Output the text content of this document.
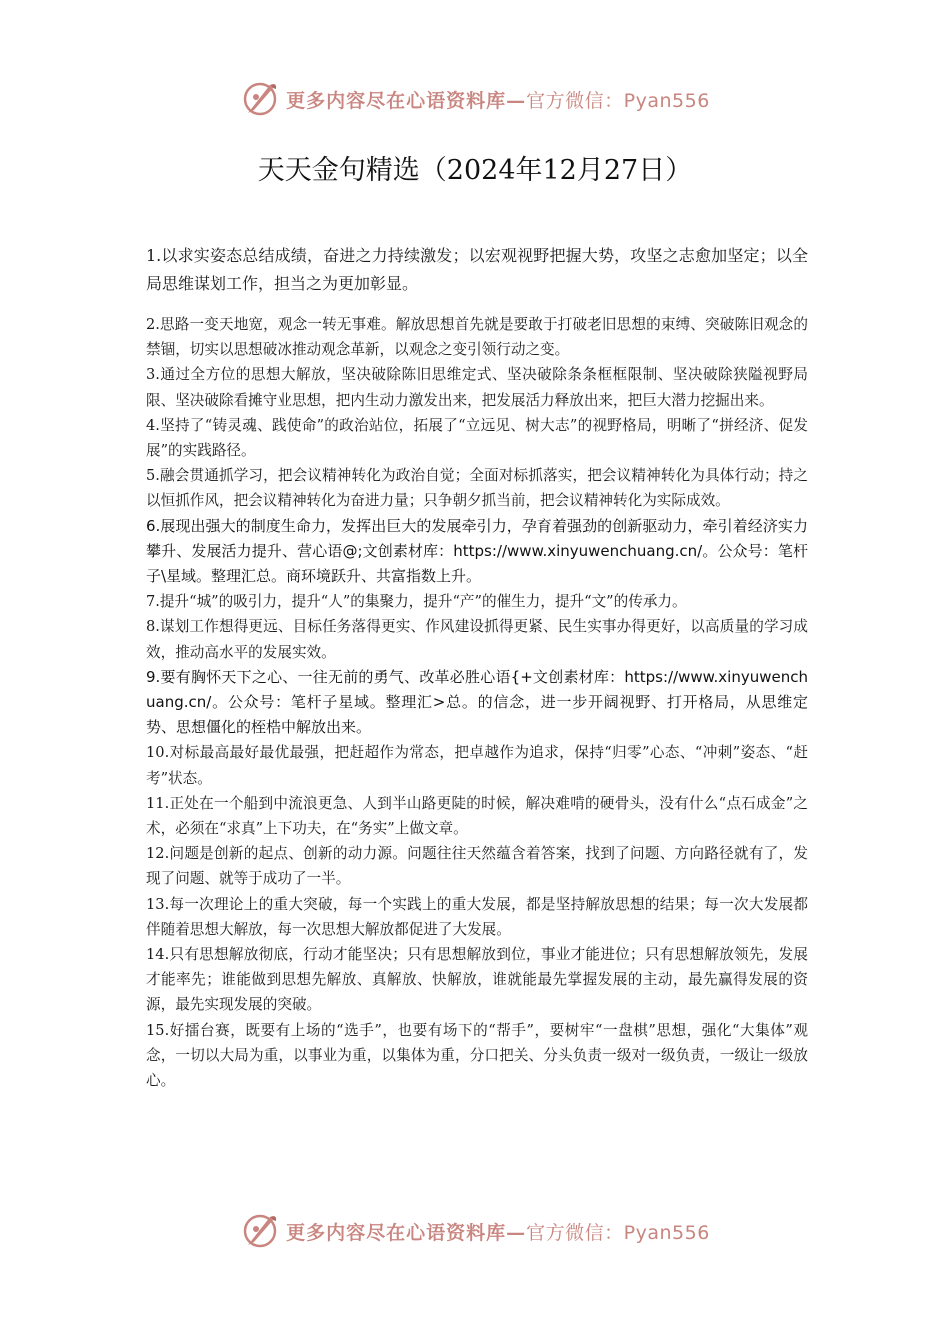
更多内容尽在心语资料库—官方微信：Pyan556
天天金句精选（2024年12月27日）

1.以求实姿态总结成绩，奋进之力持续激发；以宏观视野把握大势，攻坚之志愈加坚定；以全局思维谋划工作，担当之为更加彰显。

2.思路一变天地宽，观念一转无事难。解放思想首先就是要敢于打破老旧思想的束缚、突破陈旧观念的禁锢，切实以思想破冰推动观念革新，以观念之变引领行动之变。

3.通过全方位的思想大解放，坚决破除陈旧思维定式、坚决破除条条框框限制、坚决破除狭隘视野局限、坚决破除看摊守业思想，把内生动力激发出来，把发展活力释放出来，把巨大潜力挖掘出来。

4.坚持了“铸灵魂、践使命”的政治站位，拓展了“立远见、树大志”的视野格局，明晰了“拼经济、促发展”的实践路径。

5.融会贯通抓学习，把会议精神转化为政治自觉；全面对标抓落实，把会议精神转化为具体行动；持之以恒抓作风，把会议精神转化为奋进力量；只争朝夕抓当前，把会议精神转化为实际成效。

6.展现出强大的制度生命力，发挥出巨大的发展牵引力，孕育着强劲的创新驱动力，牵引着经济实力攀升、发展活力提升、营心语@;文创素材库：https://www.xinyuwenchuang.cn/。公众号：笔杆子\星域。整理汇总。商环境跃升、共富指数上升。

7.提升“城”的吸引力，提升“人”的集聚力，提升“产”的催生力，提升“文”的传承力。

8.谋划工作想得更远、目标任务落得更实、作风建设抓得更紧、民生实事办得更好，以高质量的学习成效，推动高水平的发展实效。

9.要有胸怀天下之心、一往无前的勇气、改革必胜心语{+文创素材库：https://www.xinyuwenchuang.cn/。公众号：笔杆子星域。整理汇>总。的信念，进一步开阔视野、打开格局，从思维定势、思想僵化的桎梏中解放出来。

10.对标最高最好最优最强，把赶超作为常态，把卓越作为追求，保持“归零”心态、“冲刺”姿态、“赶考”状态。

11.正处在一个船到中流浪更急、人到半山路更陡的时候，解决难啃的硬骨头，没有什么“点石成金”之术，必须在“求真”上下功夫，在“务实”上做文章。

12.问题是创新的起点、创新的动力源。问题往往天然蕴含着答案，找到了问题、方向路径就有了，发现了问题、就等于成功了一半。

13.每一次理论上的重大突破，每一个实践上的重大发展，都是坚持解放思想的结果；每一次大发展都伴随着思想大解放，每一次思想大解放都促进了大发展。

14.只有思想解放彻底，行动才能坚决；只有思想解放到位，事业才能进位；只有思想解放领先，发展才能率先；谁能做到思想先解放、真解放、快解放，谁就能最先掌握发展的主动，最先赢得发展的资源，最先实现发展的突破。

15.好擂台赛，既要有上场的“选手”，也要有场下的“帮手”，要树牢“一盘棋”思想，强化“大集体”观念，一切以大局为重，以事业为重，以集体为重，分口把关、分头负责一级对一级负责，一级让一级放心。

更多内容尽在心语资料库—官方微信：Pyan556
